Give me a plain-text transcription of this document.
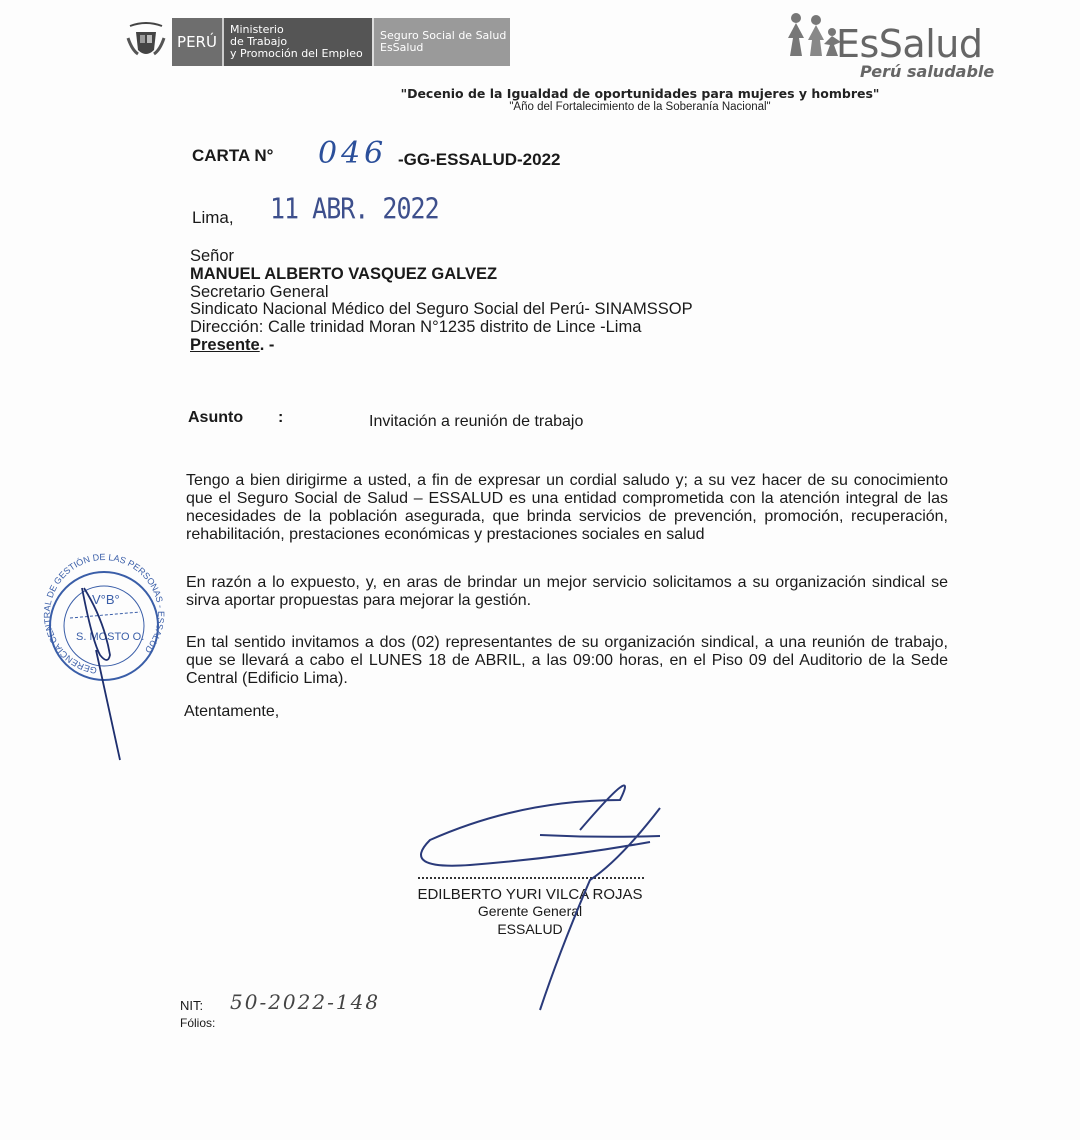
PERÚ
Ministerio
de Trabajo
y Promoción del Empleo
Seguro Social de Salud
EsSalud	EsSalud
Perú saludable
"Decenio de la Igualdad de oportunidades para mujeres y hombres"
"Año del Fortalecimiento de la Soberanía Nacional"
CARTA N° 046 -GG-ESSALUD-2022
Lima, 11 ABR. 2022
Señor
MANUEL ALBERTO VASQUEZ GALVEZ
Secretario General
Sindicato Nacional Médico del Seguro Social del Perú- SINAMSSOP
Dirección: Calle trinidad Moran N°1235 distrito de Lince -Lima
Presente. -
Asunto :	Invitación a reunión de trabajo
Tengo a bien dirigirme a usted, a fin de expresar un cordial saludo y; a su vez hacer de su conocimiento que el Seguro Social de Salud – ESSALUD es una entidad comprometida con la atención integral de las necesidades de la población asegurada, que brinda servicios de prevención, promoción, recuperación, rehabilitación, prestaciones económicas y prestaciones sociales en salud
En razón a lo expuesto, y, en aras de brindar un mejor servicio solicitamos a su organización sindical se sirva aportar propuestas para mejorar la gestión.
En tal sentido invitamos a dos (02) representantes de su organización sindical, a una reunión de trabajo, que se llevará a cabo el LUNES 18 de ABRIL, a las 09:00 horas, en el Piso 09 del Auditorio de la Sede Central (Edificio Lima).
Atentamente,
EDILBERTO YURI VILCA ROJAS
Gerente General
ESSALUD
NIT: 50-2022-148
Fólios:
GERENCIA CENTRAL DE GESTIÓN DE LAS PERSONAS - ESSALUD
V°B°
S. MOSTO O.
